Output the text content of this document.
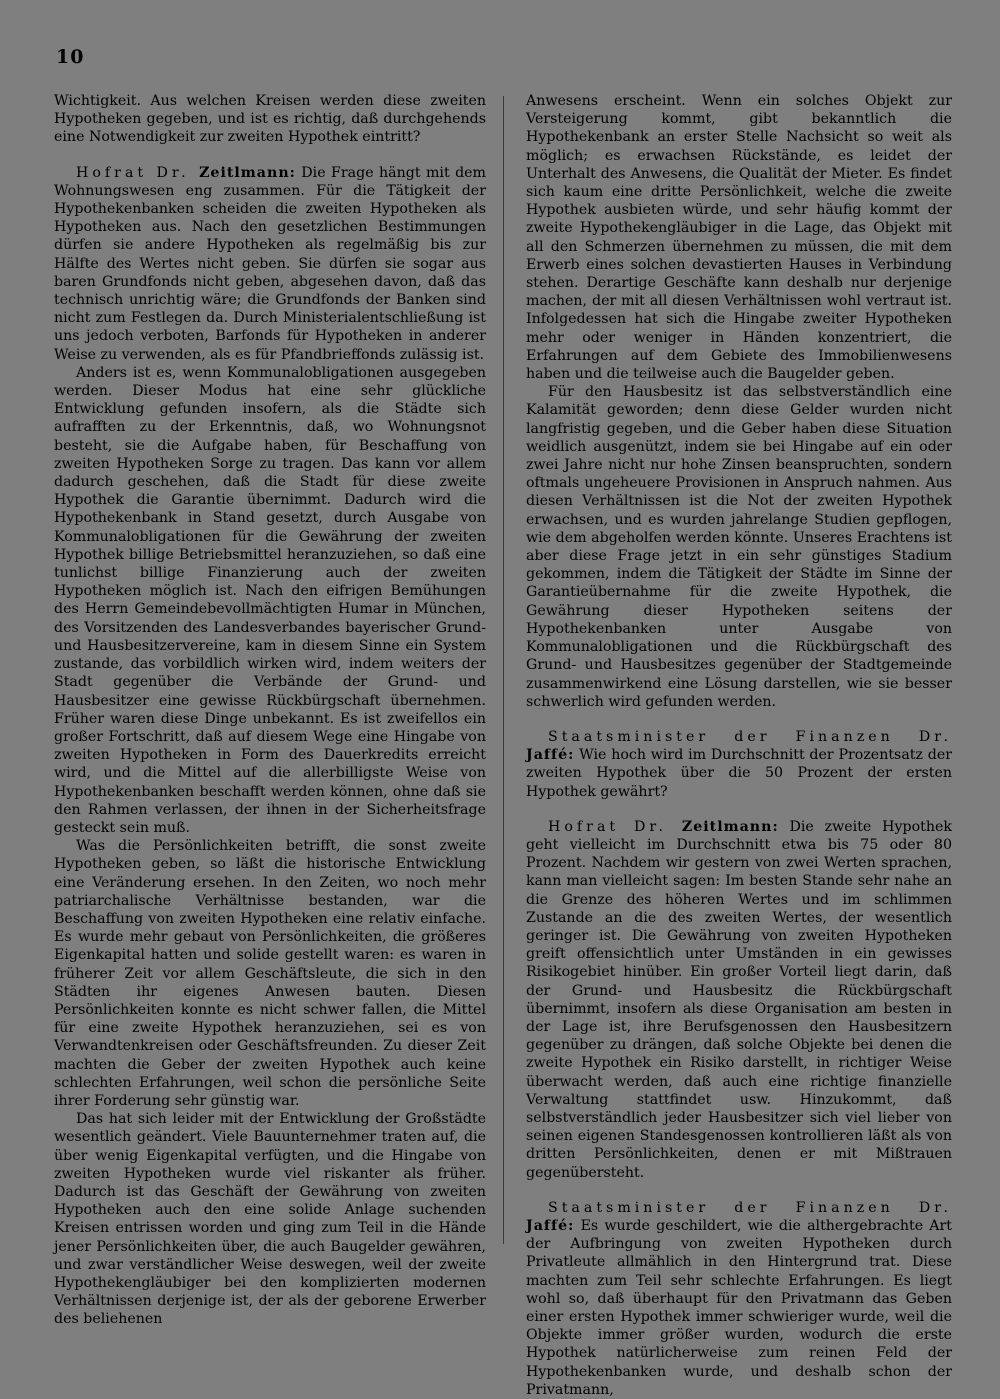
10

Wichtigkeit. Aus welchen Kreisen werden diese zweiten Hypotheken gegeben, und ist es richtig, daß durchgehends eine Notwendigkeit zur zweiten Hypothek eintritt?

Hofrat Dr. Zeitlmann: Die Frage hängt mit dem Wohnungswesen eng zusammen. Für die Tätigkeit der Hypothekenbanken scheiden die zweiten Hypotheken als Hypotheken aus. Nach den gesetzlichen Bestimmungen dürfen sie andere Hypotheken als regelmäßig bis zur Hälfte des Wertes nicht geben. Sie dürfen sie sogar aus baren Grundfonds nicht geben, abgesehen davon, daß das technisch unrichtig wäre; die Grundfonds der Banken sind nicht zum Festlegen da. Durch Ministerialentschließung ist uns jedoch verboten, Barfonds für Hypotheken in anderer Weise zu verwenden, als es für Pfandbrieffonds zulässig ist.

Anders ist es, wenn Kommunalobligationen ausgegeben werden. Dieser Modus hat eine sehr glückliche Entwicklung gefunden insofern, als die Städte sich aufrafften zu der Erkenntnis, daß, wo Wohnungsnot besteht, sie die Aufgabe haben, für Beschaffung von zweiten Hypotheken Sorge zu tragen. Das kann vor allem dadurch geschehen, daß die Stadt für diese zweite Hypothek die Garantie übernimmt. Dadurch wird die Hypothekenbank in Stand gesetzt, durch Ausgabe von Kommunalobligationen für die Gewährung der zweiten Hypothek billige Betriebsmittel heranzuziehen, so daß eine tunlichst billige Finanzierung auch der zweiten Hypotheken möglich ist. Nach den eifrigen Bemühungen des Herrn Gemeindebevollmächtigten Humar in München, des Vorsitzenden des Landesverbandes bayerischer Grund- und Hausbesitzervereine, kam in diesem Sinne ein System zustande, das vorbildlich wirken wird, indem weiters der Stadt gegenüber die Verbände der Grund- und Hausbesitzer eine gewisse Rückbürgschaft übernehmen. Früher waren diese Dinge unbekannt. Es ist zweifellos ein großer Fortschritt, daß auf diesem Wege eine Hingabe von zweiten Hypotheken in Form des Dauerkredits erreicht wird, und die Mittel auf die allerbilligste Weise von Hypothekenbanken beschafft werden können, ohne daß sie den Rahmen verlassen, der ihnen in der Sicherheitsfrage gesteckt sein muß.

Was die Persönlichkeiten betrifft, die sonst zweite Hypotheken geben, so läßt die historische Entwicklung eine Veränderung ersehen. In den Zeiten, wo noch mehr patriarchalische Verhältnisse bestanden, war die Beschaffung von zweiten Hypotheken eine relativ einfache. Es wurde mehr gebaut von Persönlichkeiten, die größeres Eigenkapital hatten und solide gestellt waren: es waren in früherer Zeit vor allem Geschäftsleute, die sich in den Städten ihr eigenes Anwesen bauten. Diesen Persönlichkeiten konnte es nicht schwer fallen, die Mittel für eine zweite Hypothek heranzuziehen, sei es von Verwandtenkreisen oder Geschäftsfreunden. Zu dieser Zeit machten die Geber der zweiten Hypothek auch keine schlechten Erfahrungen, weil schon die persönliche Seite ihrer Forderung sehr günstig war.

Das hat sich leider mit der Entwicklung der Großstädte wesentlich geändert. Viele Bauunternehmer traten auf, die über wenig Eigenkapital verfügten, und die Hingabe von zweiten Hypotheken wurde viel riskanter als früher. Dadurch ist das Geschäft der Gewährung von zweiten Hypotheken auch den eine solide Anlage suchenden Kreisen entrissen worden und ging zum Teil in die Hände jener Persönlichkeiten über, die auch Baugelder gewähren, und zwar verständlicher Weise deswegen, weil der zweite Hypothekengläubiger bei den komplizierten modernen Verhältnissen derjenige ist, der als der geborene Erwerber des beliehenen

Anwesens erscheint. Wenn ein solches Objekt zur Versteigerung kommt, gibt bekanntlich die Hypothekenbank an erster Stelle Nachsicht so weit als möglich; es erwachsen Rückstände, es leidet der Unterhalt des Anwesens, die Qualität der Mieter. Es findet sich kaum eine dritte Persönlichkeit, welche die zweite Hypothek ausbieten würde, und sehr häufig kommt der zweite Hypothekengläubiger in die Lage, das Objekt mit all den Schmerzen übernehmen zu müssen, die mit dem Erwerb eines solchen devastierten Hauses in Verbindung stehen. Derartige Geschäfte kann deshalb nur derjenige machen, der mit all diesen Verhältnissen wohl vertraut ist. Infolgedessen hat sich die Hingabe zweiter Hypotheken mehr oder weniger in Händen konzentriert, die Erfahrungen auf dem Gebiete des Immobilienwesens haben und die teilweise auch die Baugelder geben.

Für den Hausbesitz ist das selbstverständlich eine Kalamität geworden; denn diese Gelder wurden nicht langfristig gegeben, und die Geber haben diese Situation weidlich ausgenützt, indem sie bei Hingabe auf ein oder zwei Jahre nicht nur hohe Zinsen beanspruchten, sondern oftmals ungeheuere Provisionen in Anspruch nahmen. Aus diesen Verhältnissen ist die Not der zweiten Hypothek erwachsen, und es wurden jahrelange Studien gepflogen, wie dem abgeholfen werden könnte. Unseres Erachtens ist aber diese Frage jetzt in ein sehr günstiges Stadium gekommen, indem die Tätigkeit der Städte im Sinne der Garantieübernahme für die zweite Hypothek, die Gewährung dieser Hypotheken seitens der Hypothekenbanken unter Ausgabe von Kommunalobligationen und die Rückbürgschaft des Grund- und Hausbesitzes gegenüber der Stadtgemeinde zusammenwirkend eine Lösung darstellen, wie sie besser schwerlich wird gefunden werden.

Staatsminister der Finanzen Dr. Jaffé: Wie hoch wird im Durchschnitt der Prozentsatz der zweiten Hypothek über die 50 Prozent der ersten Hypothek gewährt?

Hofrat Dr. Zeitlmann: Die zweite Hypothek geht vielleicht im Durchschnitt etwa bis 75 oder 80 Prozent. Nachdem wir gestern von zwei Werten sprachen, kann man vielleicht sagen: Im besten Stande sehr nahe an die Grenze des höheren Wertes und im schlimmen Zustande an die des zweiten Wertes, der wesentlich geringer ist. Die Gewährung von zweiten Hypotheken greift offensichtlich unter Umständen in ein gewisses Risikogebiet hinüber. Ein großer Vorteil liegt darin, daß der Grund- und Hausbesitz die Rückbürgschaft übernimmt, insofern als diese Organisation am besten in der Lage ist, ihre Berufsgenossen den Hausbesitzern gegenüber zu drängen, daß solche Objekte bei denen die zweite Hypothek ein Risiko darstellt, in richtiger Weise überwacht werden, daß auch eine richtige finanzielle Verwaltung stattfindet usw. Hinzukommt, daß selbstverständlich jeder Hausbesitzer sich viel lieber von seinen eigenen Standesgenossen kontrollieren läßt als von dritten Persönlichkeiten, denen er mit Mißtrauen gegenübersteht.

Staatsminister der Finanzen Dr. Jaffé: Es wurde geschildert, wie die althergebrachte Art der Aufbringung von zweiten Hypotheken durch Privatleute allmählich in den Hintergrund trat. Diese machten zum Teil sehr schlechte Erfahrungen. Es liegt wohl so, daß überhaupt für den Privatmann das Geben einer ersten Hypothek immer schwieriger wurde, weil die Objekte immer größer wurden, wodurch die erste Hypothek natürlicherweise zum reinen Feld der Hypothekenbanken wurde, und deshalb schon der Privatmann,
